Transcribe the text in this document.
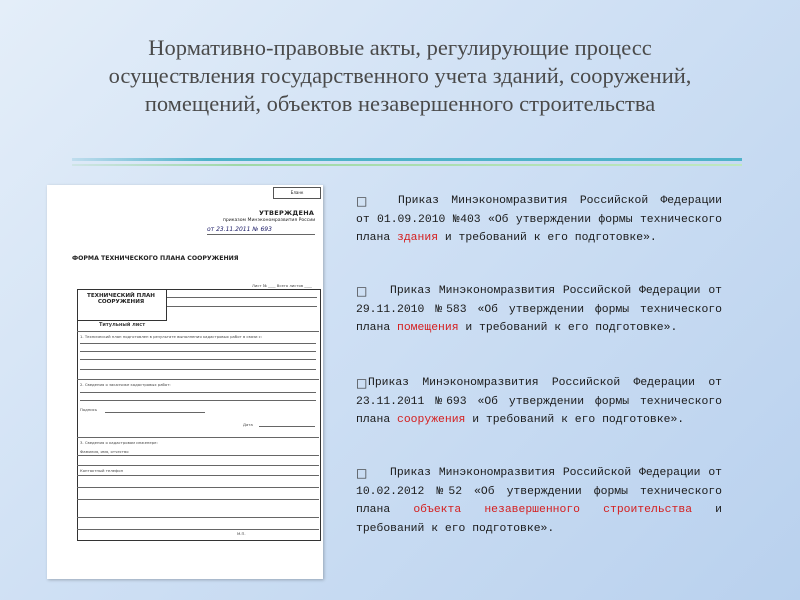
Нормативно-правовые акты, регулирующие процесс осуществления государственного учета зданий, сооружений, помещений, объектов незавершенного строительства
Бланк
УТВЕРЖДЕНА
приказом Минэкономразвития России
от 23.11.2011 № 693
ФОРМА ТЕХНИЧЕСКОГО ПЛАНА СООРУЖЕНИЯ
Лист № ____ Всего листов ____
ТЕХНИЧЕСКИЙ ПЛАН СООРУЖЕНИЯ
Титульный лист
1. Технический план подготовлен в результате выполнения кадастровых работ в связи с:
2. Сведения о заказчике кадастровых работ:
Подпись
Дата
3. Сведения о кадастровом инженере:
Фамилия, имя, отчество
Контактный телефон
М.П.
□	Приказ Минэкономразвития Российской Федерации от 01.09.2010 №403 «Об утверждении формы технического плана здания и требований к его подготовке».
□	Приказ Минэкономразвития Российской Федерации от 29.11.2010 №583 «Об утверждении формы технического плана помещения и требований к его подготовке».
□ Приказ Минэкономразвития Российской Федерации от 23.11.2011 №693 «Об утверждении формы технического плана сооружения и требований к его подготовке».
□	Приказ Минэкономразвития Российской Федерации от 10.02.2012 №52 «Об утверждении формы технического плана объекта незавершенного строительства и требований к его подготовке».
